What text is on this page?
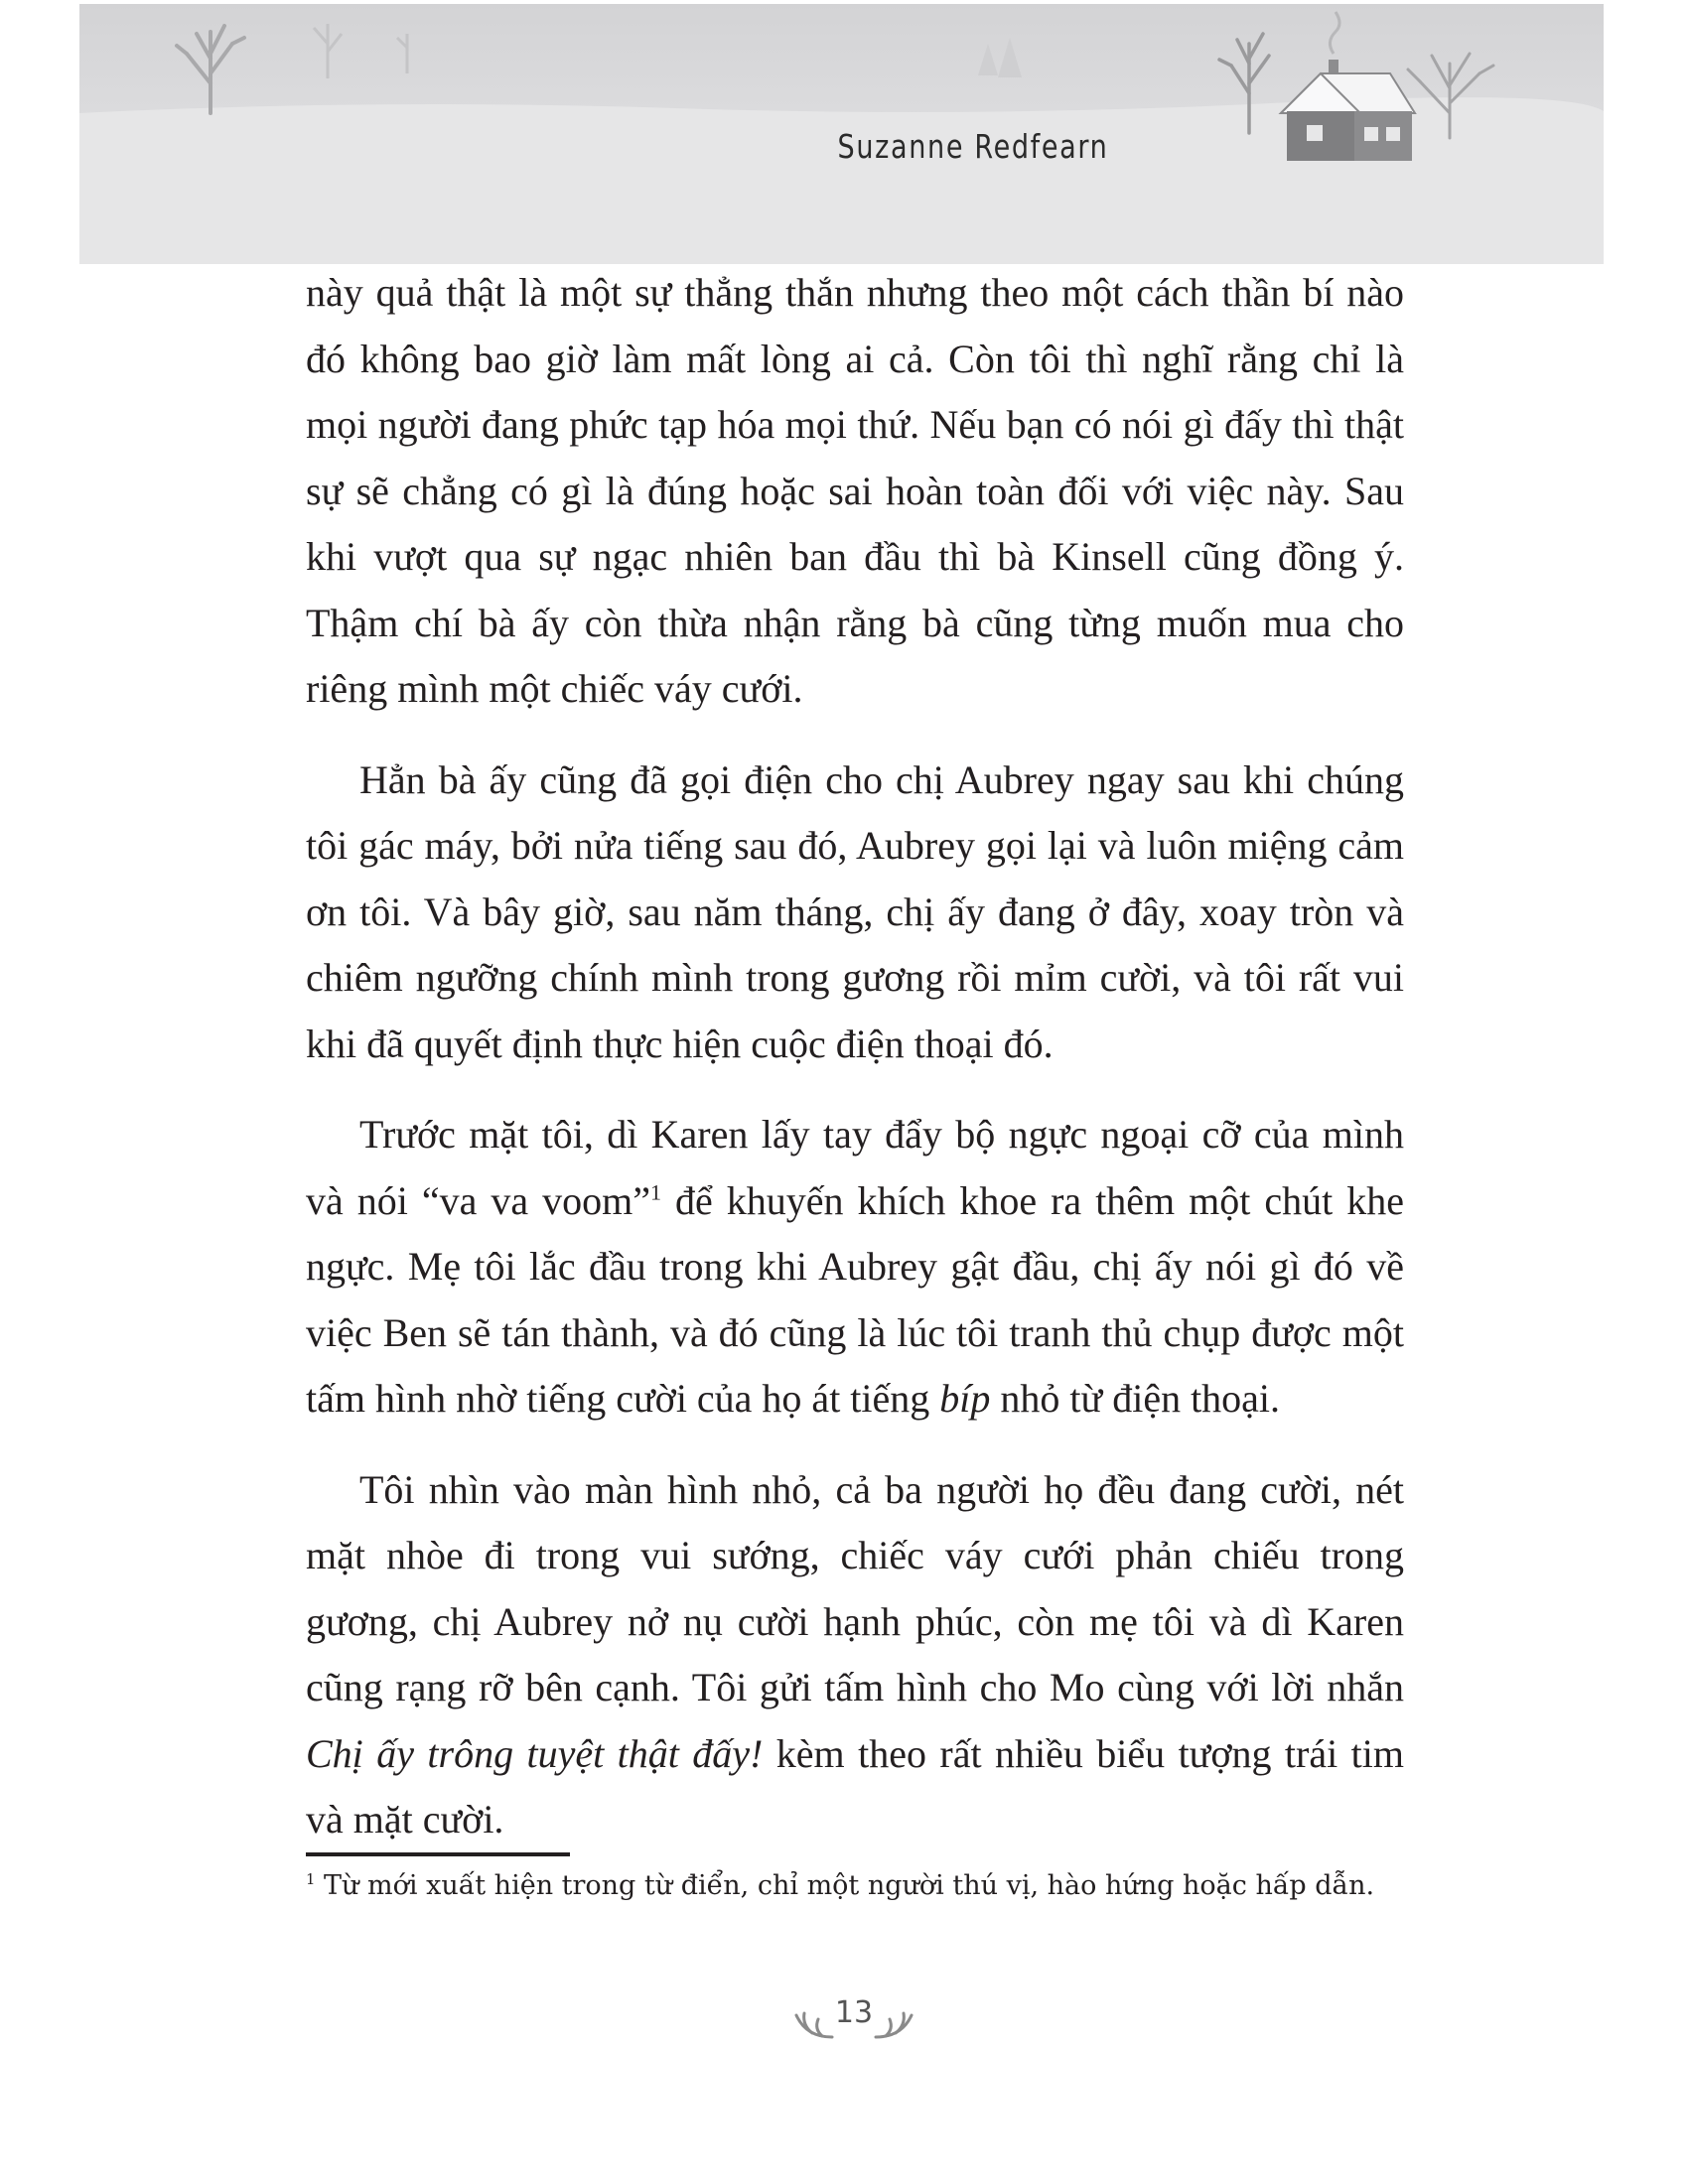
Suzanne Redfearn

này quả thật là một sự thẳng thắn nhưng theo một cách thần bí nào đó không bao giờ làm mất lòng ai cả. Còn tôi thì nghĩ rằng chỉ là mọi người đang phức tạp hóa mọi thứ. Nếu bạn có nói gì đấy thì thật sự sẽ chẳng có gì là đúng hoặc sai hoàn toàn đối với việc này. Sau khi vượt qua sự ngạc nhiên ban đầu thì bà Kinsell cũng đồng ý. Thậm chí bà ấy còn thừa nhận rằng bà cũng từng muốn mua cho riêng mình một chiếc váy cưới.

Hẳn bà ấy cũng đã gọi điện cho chị Aubrey ngay sau khi chúng tôi gác máy, bởi nửa tiếng sau đó, Aubrey gọi lại và luôn miệng cảm ơn tôi. Và bây giờ, sau năm tháng, chị ấy đang ở đây, xoay tròn và chiêm ngưỡng chính mình trong gương rồi mỉm cười, và tôi rất vui khi đã quyết định thực hiện cuộc điện thoại đó.

Trước mặt tôi, dì Karen lấy tay đẩy bộ ngực ngoại cỡ của mình và nói “va va voom”$^1$ để khuyến khích khoe ra thêm một chút khe ngực. Mẹ tôi lắc đầu trong khi Aubrey gật đầu, chị ấy nói gì đó về việc Ben sẽ tán thành, và đó cũng là lúc tôi tranh thủ chụp được một tấm hình nhờ tiếng cười của họ át tiếng bíp nhỏ từ điện thoại.

Tôi nhìn vào màn hình nhỏ, cả ba người họ đều đang cười, nét mặt nhòe đi trong vui sướng, chiếc váy cưới phản chiếu trong gương, chị Aubrey nở nụ cười hạnh phúc, còn mẹ tôi và dì Karen cũng rạng rỡ bên cạnh. Tôi gửi tấm hình cho Mo cùng với lời nhắn Chị ấy trông tuyệt thật đấy! kèm theo rất nhiều biểu tượng trái tim và mặt cười.

$^1$ Từ mới xuất hiện trong từ điển, chỉ một người thú vị, hào hứng hoặc hấp dẫn.
13
